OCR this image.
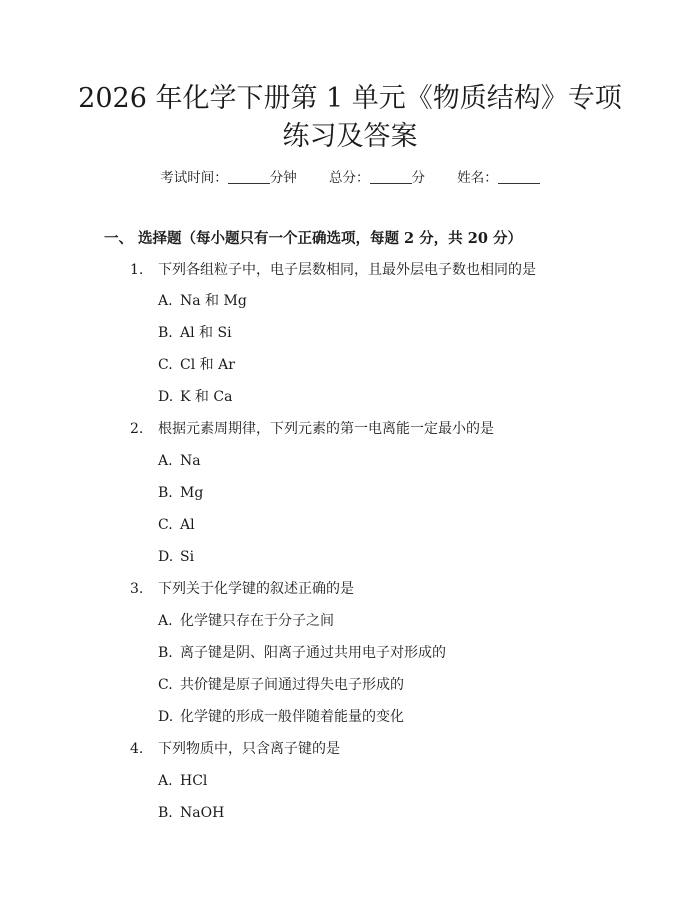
2026 年化学下册第 1 单元《物质结构》专项
练习及答案
考试时间：	分钟 总分：	分 姓名：
一、 选择题（每小题只有一个正确选项，每题 2 分，共 20 分）
1. 下列各组粒子中，电子层数相同，且最外层电子数也相同的是
A. Na 和 Mg
B. Al 和 Si
C. Cl 和 Ar
D. K 和 Ca
2. 根据元素周期律，下列元素的第一电离能一定最小的是
A. Na
B. Mg
C. Al
D. Si
3. 下列关于化学键的叙述正确的是
A. 化学键只存在于分子之间
B. 离子键是阴、阳离子通过共用电子对形成的
C. 共价键是原子间通过得失电子形成的
D. 化学键的形成一般伴随着能量的变化
4. 下列物质中，只含离子键的是
A. HCl
B. NaOH
